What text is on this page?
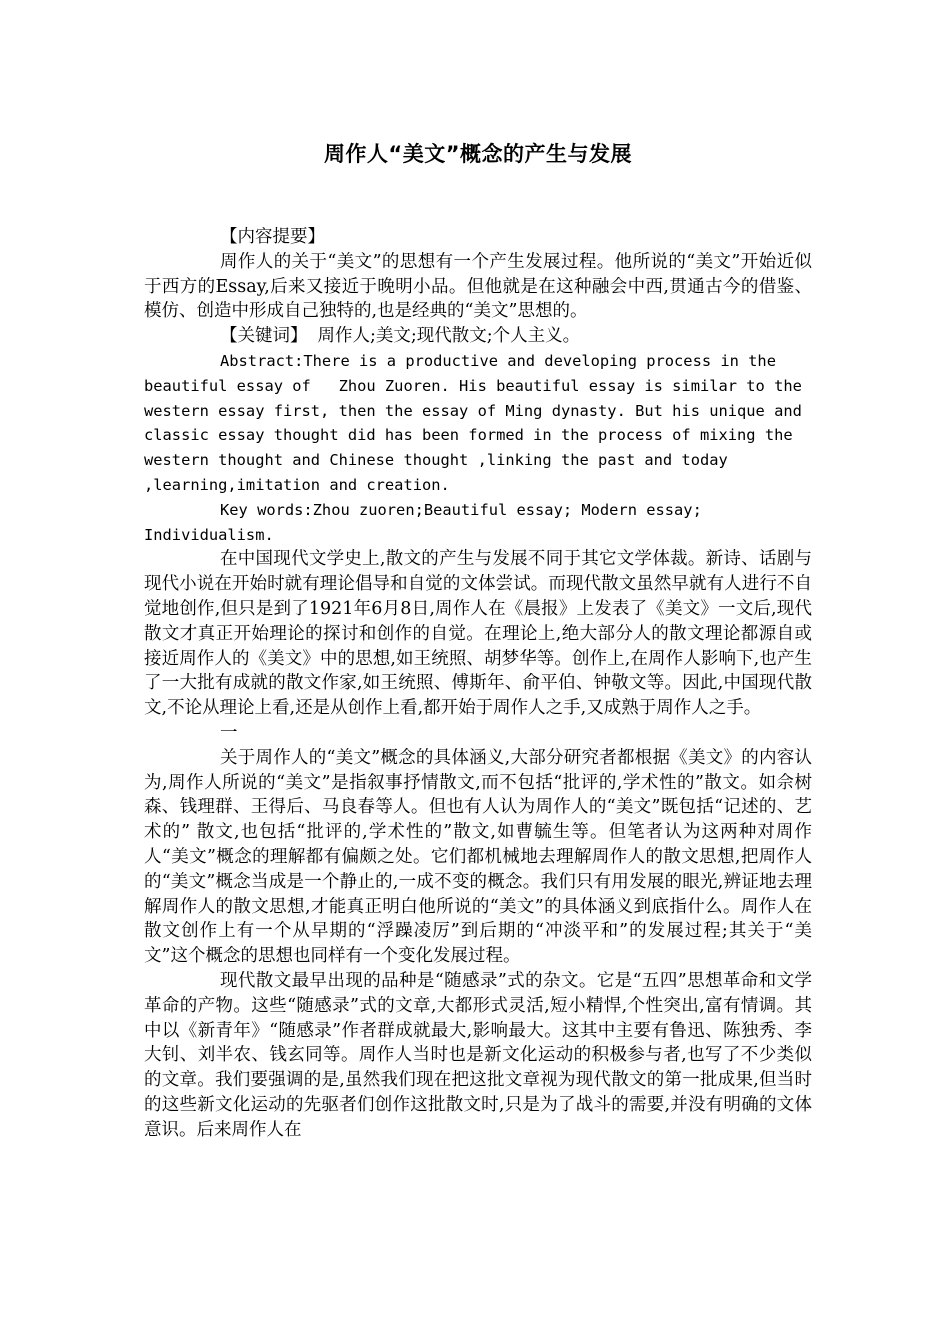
周作人“美文”概念的产生与发展

【内容提要】

周作人的关于“美文”的思想有一个产生发展过程。他所说的“美文”开始近似于西方的Essay,后来又接近于晚明小品。但他就是在这种融会中西,贯通古今的借鉴、模仿、创造中形成自己独特的,也是经典的“美文”思想的。

【关键词】 周作人;美文;现代散文;个人主义。

Abstract:There is a productive and developing process in the beautiful essay of   Zhou Zuoren. His beautiful essay is similar to the western essay first, then the essay of Ming dynasty. But his unique and classic essay thought did has been formed in the process of mixing the western thought and Chinese thought ,linking the past and today ,learning,imitation and creation.

Key words:Zhou zuoren;Beautiful essay; Modern essay; Individualism.

在中国现代文学史上,散文的产生与发展不同于其它文学体裁。新诗、话剧与现代小说在开始时就有理论倡导和自觉的文体尝试。而现代散文虽然早就有人进行不自觉地创作,但只是到了1921年6月8日,周作人在《晨报》上发表了《美文》一文后,现代散文才真正开始理论的探讨和创作的自觉。在理论上,绝大部分人的散文理论都源自或接近周作人的《美文》中的思想,如王统照、胡梦华等。创作上,在周作人影响下,也产生了一大批有成就的散文作家,如王统照、傅斯年、俞平伯、钟敬文等。因此,中国现代散文,不论从理论上看,还是从创作上看,都开始于周作人之手,又成熟于周作人之手。

一

关于周作人的“美文”概念的具体涵义,大部分研究者都根据《美文》的内容认为,周作人所说的“美文”是指叙事抒情散文,而不包括“批评的,学术性的”散文。如佘树森、钱理群、王得后、马良春等人。但也有人认为周作人的“美文”既包括“记述的、艺术的” 散文,也包括“批评的,学术性的”散文,如曹毓生等。但笔者认为这两种对周作人“美文”概念的理解都有偏颇之处。它们都机械地去理解周作人的散文思想,把周作人的“美文”概念当成是一个静止的,一成不变的概念。我们只有用发展的眼光,辨证地去理解周作人的散文思想,才能真正明白他所说的“美文”的具体涵义到底指什么。周作人在散文创作上有一个从早期的“浮躁凌厉”到后期的“冲淡平和”的发展过程;其关于“美文”这个概念的思想也同样有一个变化发展过程。

现代散文最早出现的品种是“随感录”式的杂文。它是“五四”思想革命和文学革命的产物。这些“随感录”式的文章,大都形式灵活,短小精悍,个性突出,富有情调。其中以《新青年》“随感录”作者群成就最大,影响最大。这其中主要有鲁迅、陈独秀、李大钊、刘半农、钱玄同等。周作人当时也是新文化运动的积极参与者,也写了不少类似的文章。我们要强调的是,虽然我们现在把这批文章视为现代散文的第一批成果,但当时的这些新文化运动的先驱者们创作这批散文时,只是为了战斗的需要,并没有明确的文体意识。后来周作人在
